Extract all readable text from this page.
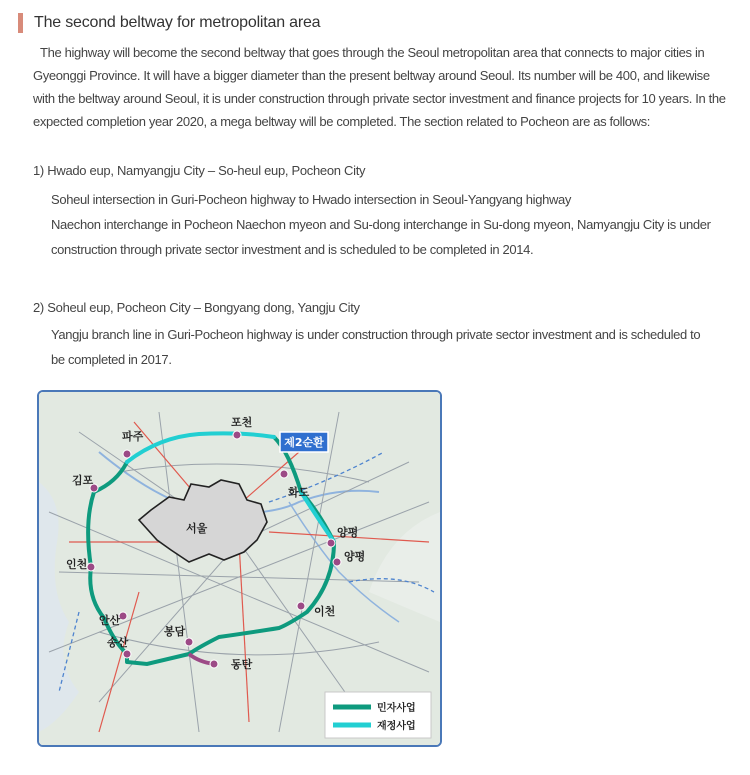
The second beltway for metropolitan area
The highway will become the second beltway that goes through the Seoul metropolitan area that connects to major cities in Gyeonggi Province. It will have a bigger diameter than the present beltway around Seoul. Its number will be 400, and likewise with the beltway around Seoul, it is under construction through private sector investment and finance projects for 10 years. In the expected completion year 2020, a mega beltway will be completed. The section related to Pocheon are as follows:
1) Hwado eup, Namyangju City – So-heul eup, Pocheon City
Soheul intersection in Guri-Pocheon highway to Hwado intersection in Seoul-Yangyang highway
Naechon interchange in Pocheon Naechon myeon and Su-dong interchange in Su-dong myeon, Namyangju City is under construction through private sector investment and is scheduled to be completed in 2014.
2) Soheul eup, Pocheon City – Bongyang dong, Yangju City
Yangju branch line in Guri-Pocheon highway is under construction through private sector investment and is scheduled to be completed in 2017.
제2순환
파주
포천
김포
화도
서울	양평
양평
인천
이천
안산
봉담
송산
동탄
민자사업
재정사업
